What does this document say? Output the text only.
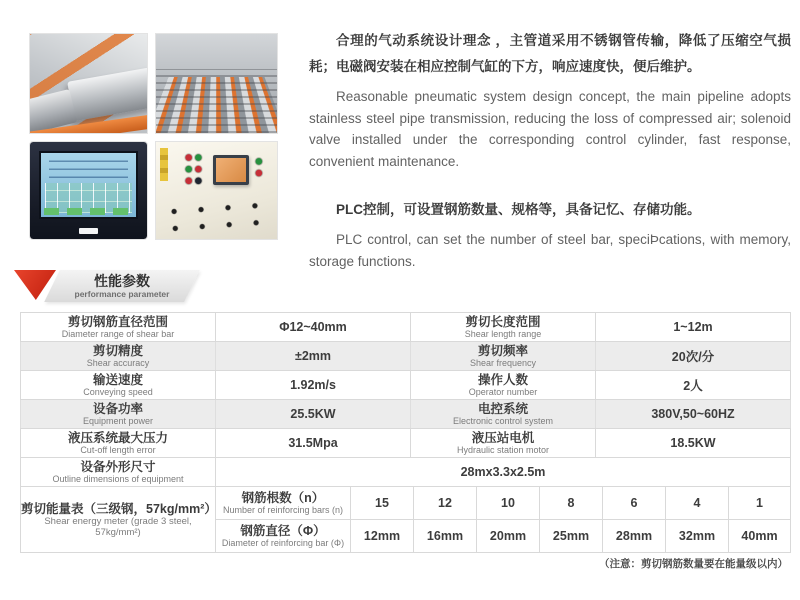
合理的气动系统设计理念 ，主管道采用不锈钢管传输，降低了压缩空气损耗；电磁阀安装在相应控制气缸的下方，响应速度快，便后维护。

Reasonable pneumatic system design concept, the main pipeline adopts stainless steel pipe transmission, reducing the loss of compressed air; solenoid valve installed under the corresponding control cylinder, fast response, convenient maintenance.

PLC控制，可设置钢筋数量、规格等，具备记忆、存储功能。

PLC control, can set the number of steel bar, speciÞcations, with memory, storage functions.

性能参数
performance parameter
剪切钢筋直径范围
Diameter range of shear bar	Φ12~40mm	剪切长度范围
Shear length range	1~12m

剪切精度
Shear accuracy	±2mm	剪切频率
Shear frequency	20次/分

输送速度
Conveying speed	1.92m/s	操作人数
Operator number	2人

设备功率
Equipment power	25.5KW	电控系统
Electronic control system	380V,50~60HZ

液压系统最大压力
Cut-off length error	31.5Mpa	液压站电机
Hydraulic station motor	18.5KW

设备外形尺寸
Outline dimensions of equipment	28mx3.3x2.5m		
剪切能量表（三级钢，57kg/mm²）
Shear energy meter (grade 3 steel, 57kg/mm²)	钢筋根数（n）
Number of reinforcing bars (n)	15	12	10	8	6	4	1

	钢筋直径（Φ）
Diameter of reinforcing bar (Φ)	12mm	16mm	20mm	25mm	28mm	32mm	40mm
（注意：剪切钢筋数量要在能量级以内）
